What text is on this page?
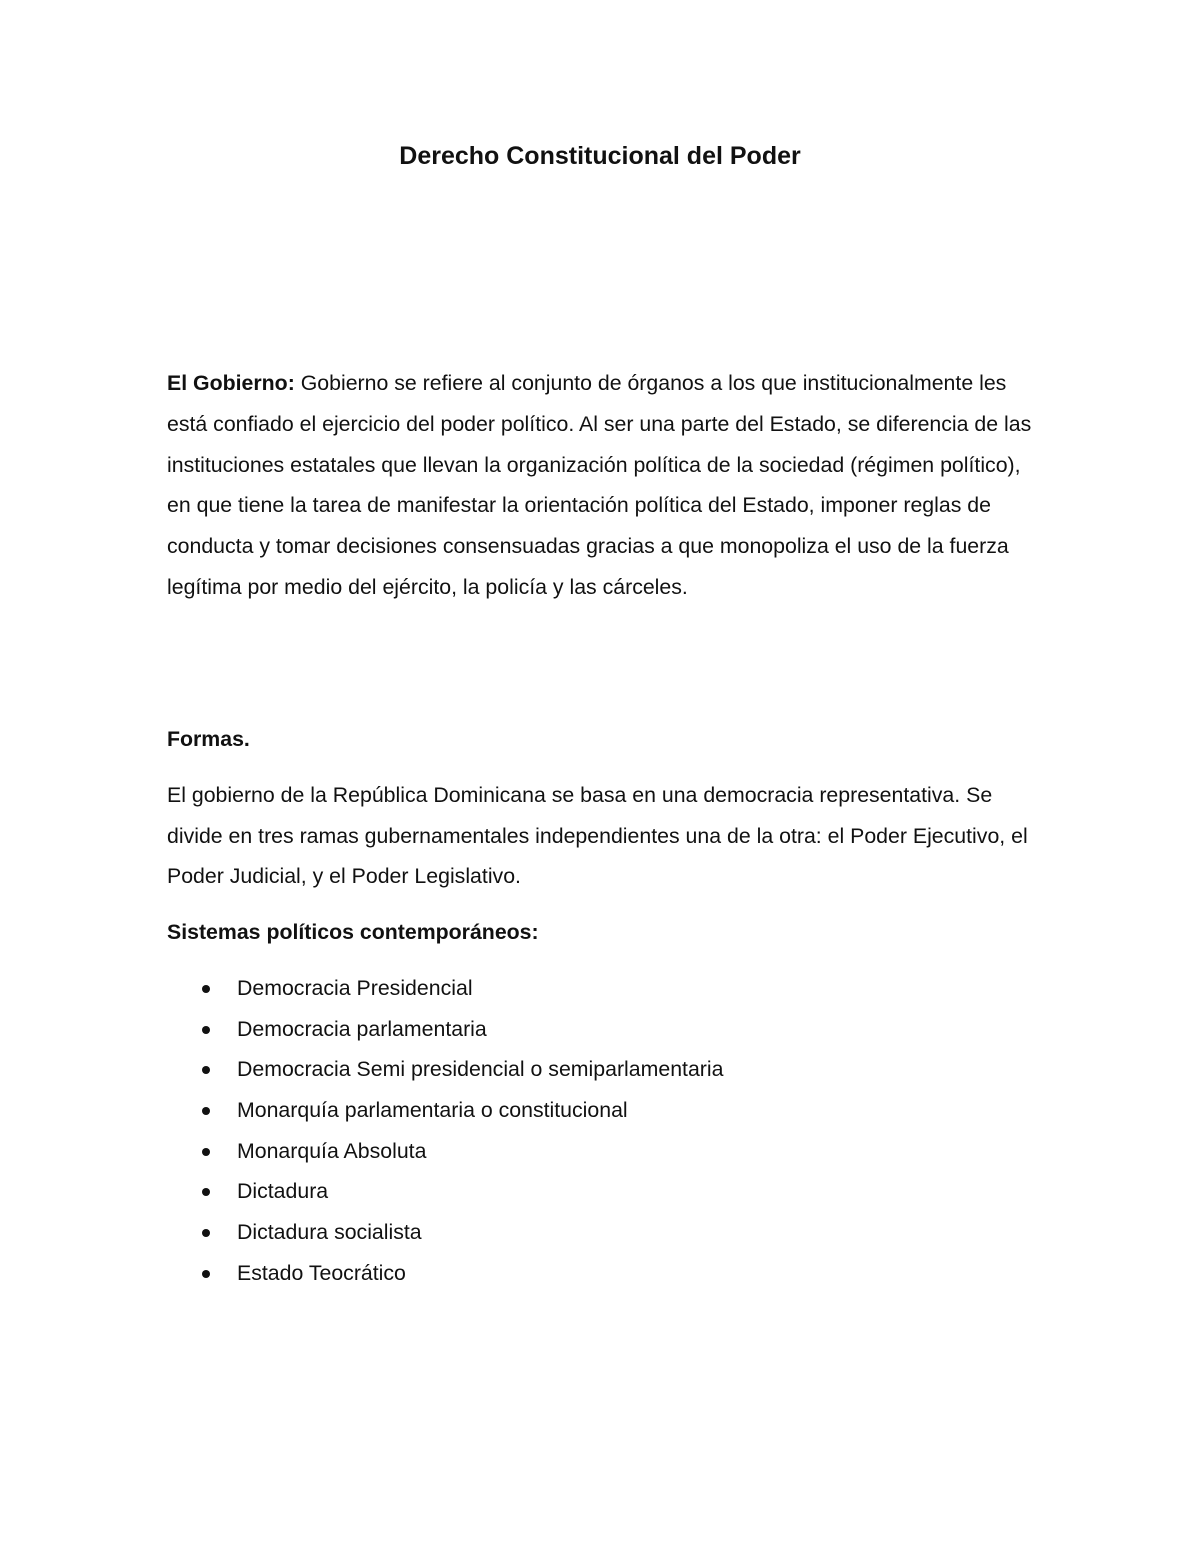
Derecho Constitucional del Poder

El Gobierno: Gobierno se refiere al conjunto de órganos a los que institucionalmente les está confiado el ejercicio del poder político. Al ser una parte del Estado, se diferencia de las instituciones estatales que llevan la organización política de la sociedad (régimen político), en que tiene la tarea de manifestar la orientación política del Estado, imponer reglas de conducta y tomar decisiones consensuadas gracias a que monopoliza el uso de la fuerza legítima por medio del ejército, la policía y las cárceles.

Formas.

El gobierno de la República Dominicana se basa en una democracia representativa. Se divide en tres ramas gubernamentales independientes una de la otra: el Poder Ejecutivo, el Poder Judicial, y el Poder Legislativo.

Sistemas políticos contemporáneos:

Democracia Presidencial
Democracia parlamentaria
Democracia Semi presidencial o semiparlamentaria
Monarquía parlamentaria o constitucional
Monarquía Absoluta
Dictadura
Dictadura socialista
Estado Teocrático
